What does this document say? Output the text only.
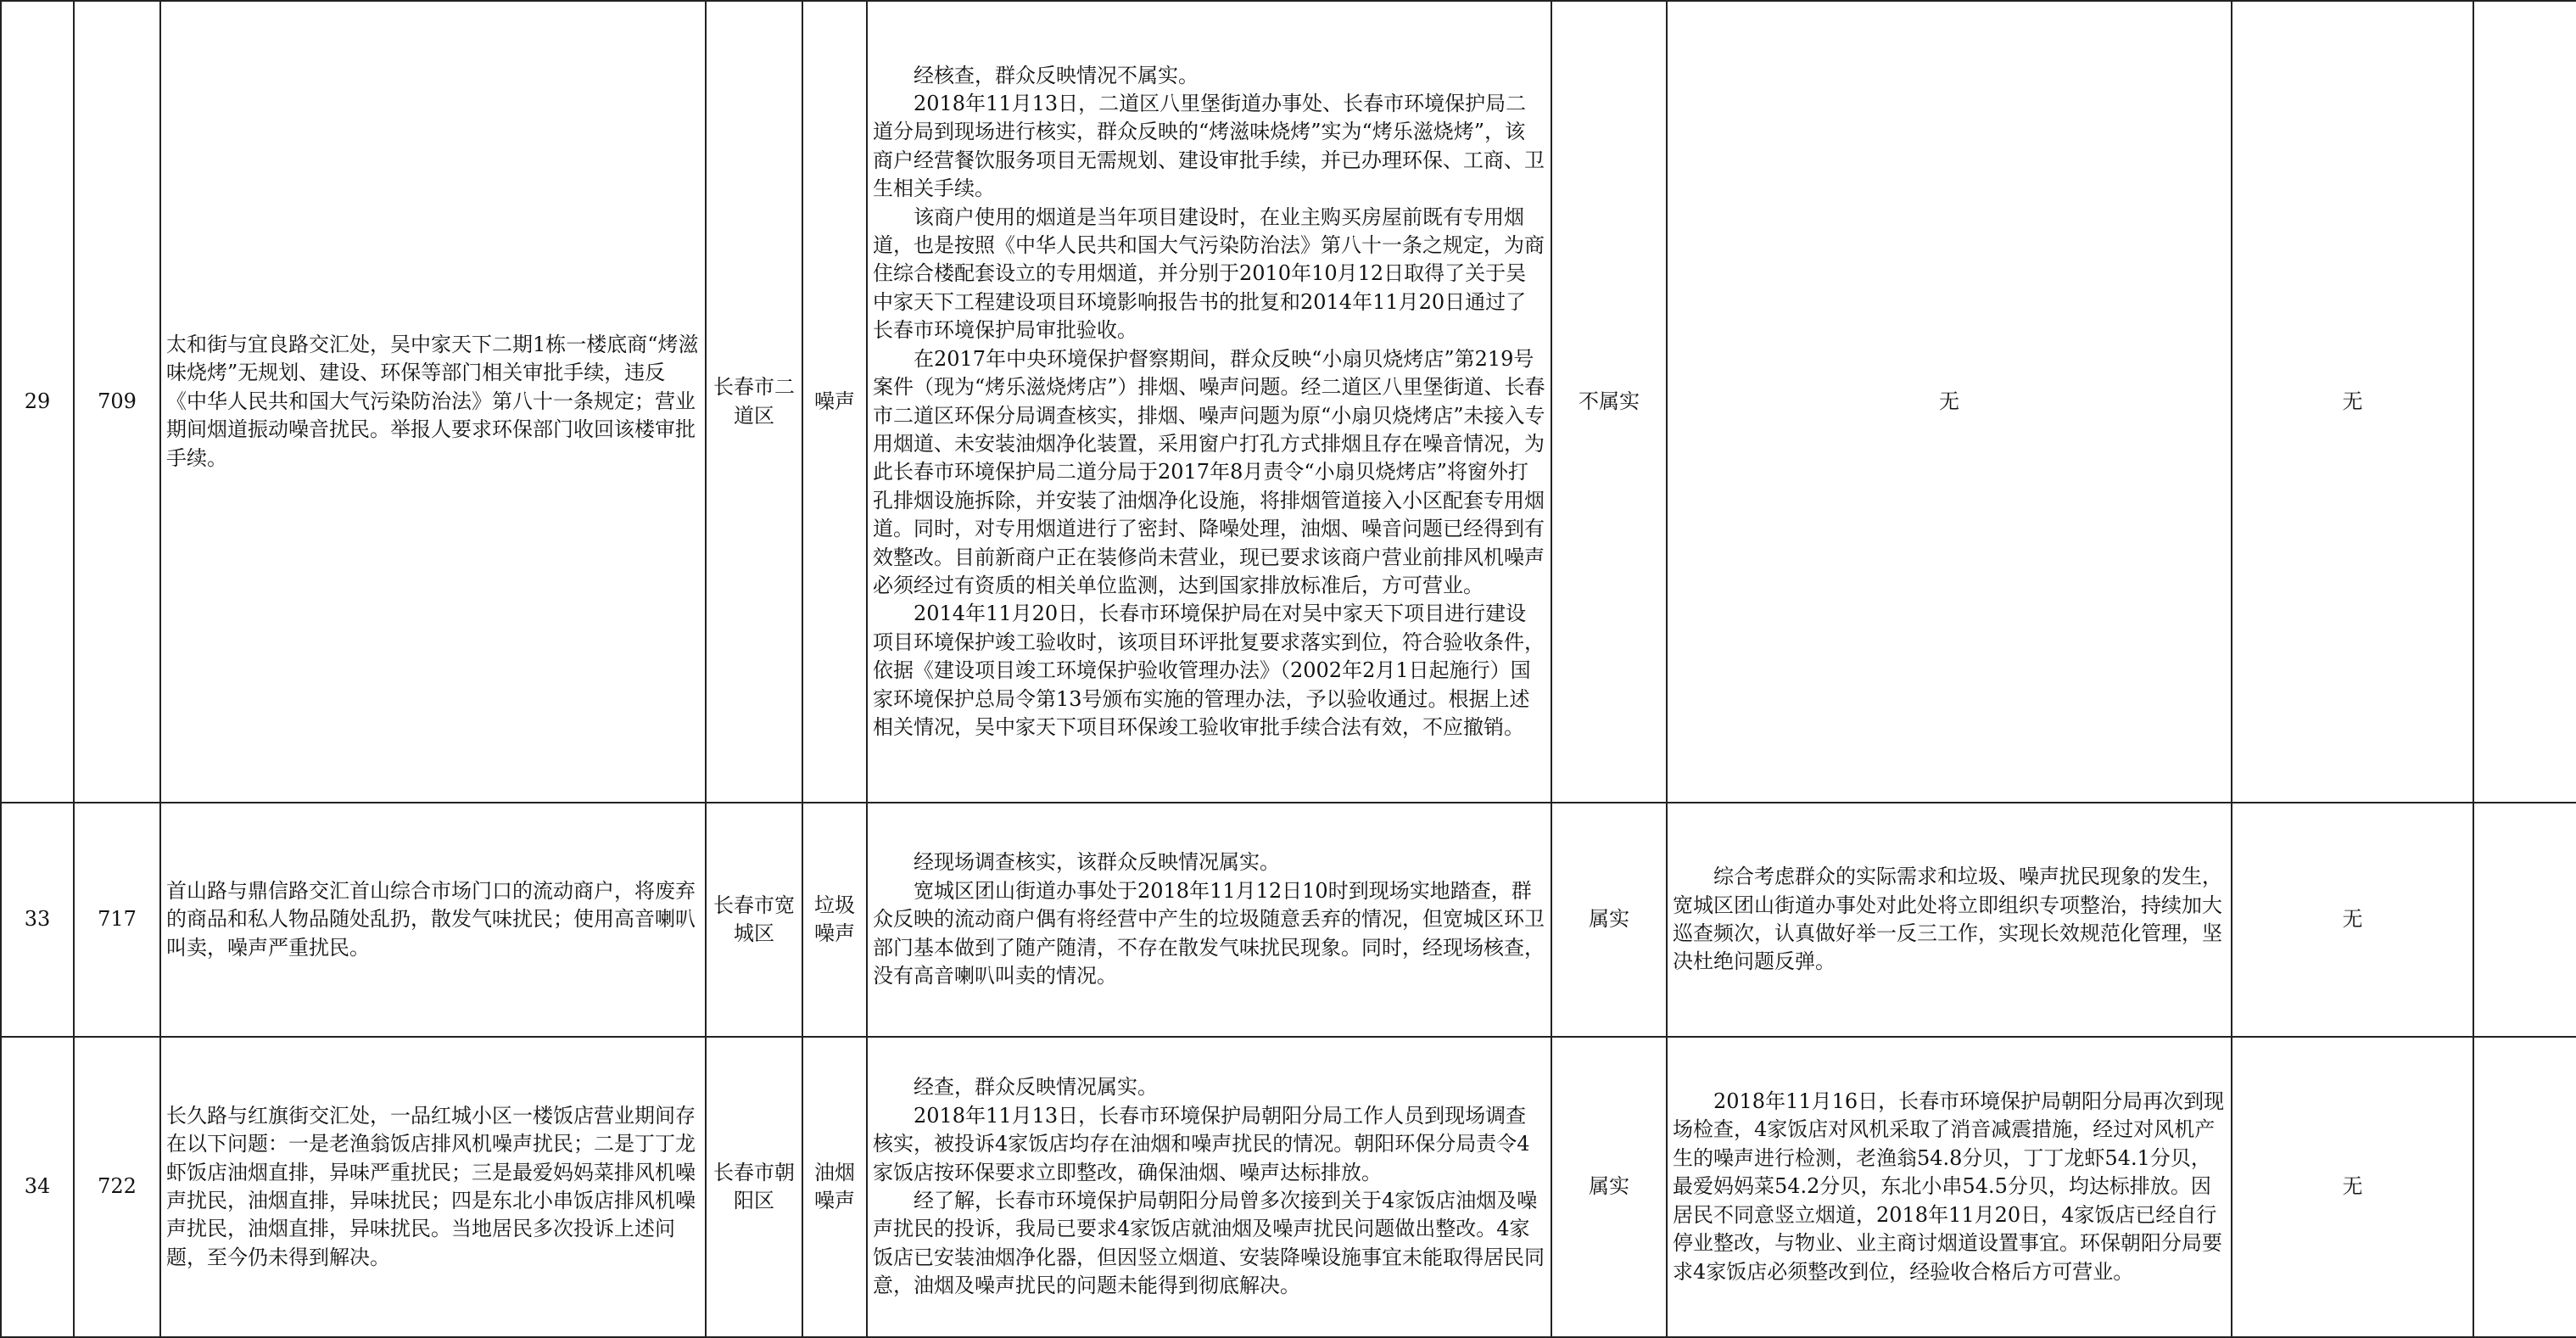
29	709	太和街与宜良路交汇处，吴中家天下二期1栋一楼底商“烤滋味烧烤”无规划、建设、环保等部门相关审批手续，违反《中华人民共和国大气污染防治法》第八十一条规定；营业期间烟道振动噪音扰民。举报人要求环保部门收回该楼审批手续。	长春市二道区	噪声	经核查，群众反映情况不属实。
2018年11月13日，二道区八里堡街道办事处、长春市环境保护局二道分局到现场进行核实，群众反映的“烤滋味烧烤”实为“烤乐滋烧烤”，该商户经营餐饮服务项目无需规划、建设审批手续，并已办理环保、工商、卫生相关手续。
该商户使用的烟道是当年项目建设时，在业主购买房屋前既有专用烟道，也是按照《中华人民共和国大气污染防治法》第八十一条之规定，为商住综合楼配套设立的专用烟道，并分别于2010年10月12日取得了关于吴中家天下工程建设项目环境影响报告书的批复和2014年11月20日通过了长春市环境保护局审批验收。
在2017年中央环境保护督察期间，群众反映“小扇贝烧烤店”第219号案件（现为“烤乐滋烧烤店”）排烟、噪声问题。经二道区八里堡街道、长春市二道区环保分局调查核实，排烟、噪声问题为原“小扇贝烧烤店”未接入专用烟道、未安装油烟净化装置，采用窗户打孔方式排烟且存在噪音情况，为此长春市环境保护局二道分局于2017年8月责令“小扇贝烧烤店”将窗外打孔排烟设施拆除，并安装了油烟净化设施，将排烟管道接入小区配套专用烟道。同时，对专用烟道进行了密封、降噪处理，油烟、噪音问题已经得到有效整改。目前新商户正在装修尚未营业，现已要求该商户营业前排风机噪声必须经过有资质的相关单位监测，达到国家排放标准后，方可营业。
2014年11月20日，长春市环境保护局在对吴中家天下项目进行建设项目环境保护竣工验收时，该项目环评批复要求落实到位，符合验收条件，依据《建设项目竣工环境保护验收管理办法》（2002年2月1日起施行）国家环境保护总局令第13号颁布实施的管理办法，予以验收通过。根据上述相关情况，吴中家天下项目环保竣工验收审批手续合法有效，不应撤销。	不属实	无	无	
33	717	首山路与鼎信路交汇首山综合市场门口的流动商户，将废弃的商品和私人物品随处乱扔，散发气味扰民；使用高音喇叭叫卖，噪声严重扰民。	长春市宽城区	垃圾噪声	经现场调查核实，该群众反映情况属实。
宽城区团山街道办事处于2018年11月12日10时到现场实地踏查，群众反映的流动商户偶有将经营中产生的垃圾随意丢弃的情况，但宽城区环卫部门基本做到了随产随清，不存在散发气味扰民现象。同时，经现场核查，没有高音喇叭叫卖的情况。	属实	综合考虑群众的实际需求和垃圾、噪声扰民现象的发生，宽城区团山街道办事处对此处将立即组织专项整治，持续加大巡查频次，认真做好举一反三工作，实现长效规范化管理，坚决杜绝问题反弹。	无	
34	722	长久路与红旗街交汇处，一品红城小区一楼饭店营业期间存在以下问题：一是老渔翁饭店排风机噪声扰民；二是丁丁龙虾饭店油烟直排，异味严重扰民；三是最爱妈妈菜排风机噪声扰民，油烟直排，异味扰民；四是东北小串饭店排风机噪声扰民，油烟直排，异味扰民。当地居民多次投诉上述问题，至今仍未得到解决。	长春市朝阳区	油烟噪声	经查，群众反映情况属实。
2018年11月13日，长春市环境保护局朝阳分局工作人员到现场调查核实，被投诉4家饭店均存在油烟和噪声扰民的情况。朝阳环保分局责令4家饭店按环保要求立即整改，确保油烟、噪声达标排放。
经了解，长春市环境保护局朝阳分局曾多次接到关于4家饭店油烟及噪声扰民的投诉，我局已要求4家饭店就油烟及噪声扰民问题做出整改。4家饭店已安装油烟净化器，但因竖立烟道、安装降噪设施事宜未能取得居民同意，油烟及噪声扰民的问题未能得到彻底解决。	属实	2018年11月16日，长春市环境保护局朝阳分局再次到现场检查，4家饭店对风机采取了消音减震措施，经过对风机产生的噪声进行检测，老渔翁54.8分贝，丁丁龙虾54.1分贝，最爱妈妈菜54.2分贝，东北小串54.5分贝，均达标排放。因居民不同意竖立烟道，2018年11月20日，4家饭店已经自行停业整改，与物业、业主商讨烟道设置事宜。环保朝阳分局要求4家饭店必须整改到位，经验收合格后方可营业。	无	
